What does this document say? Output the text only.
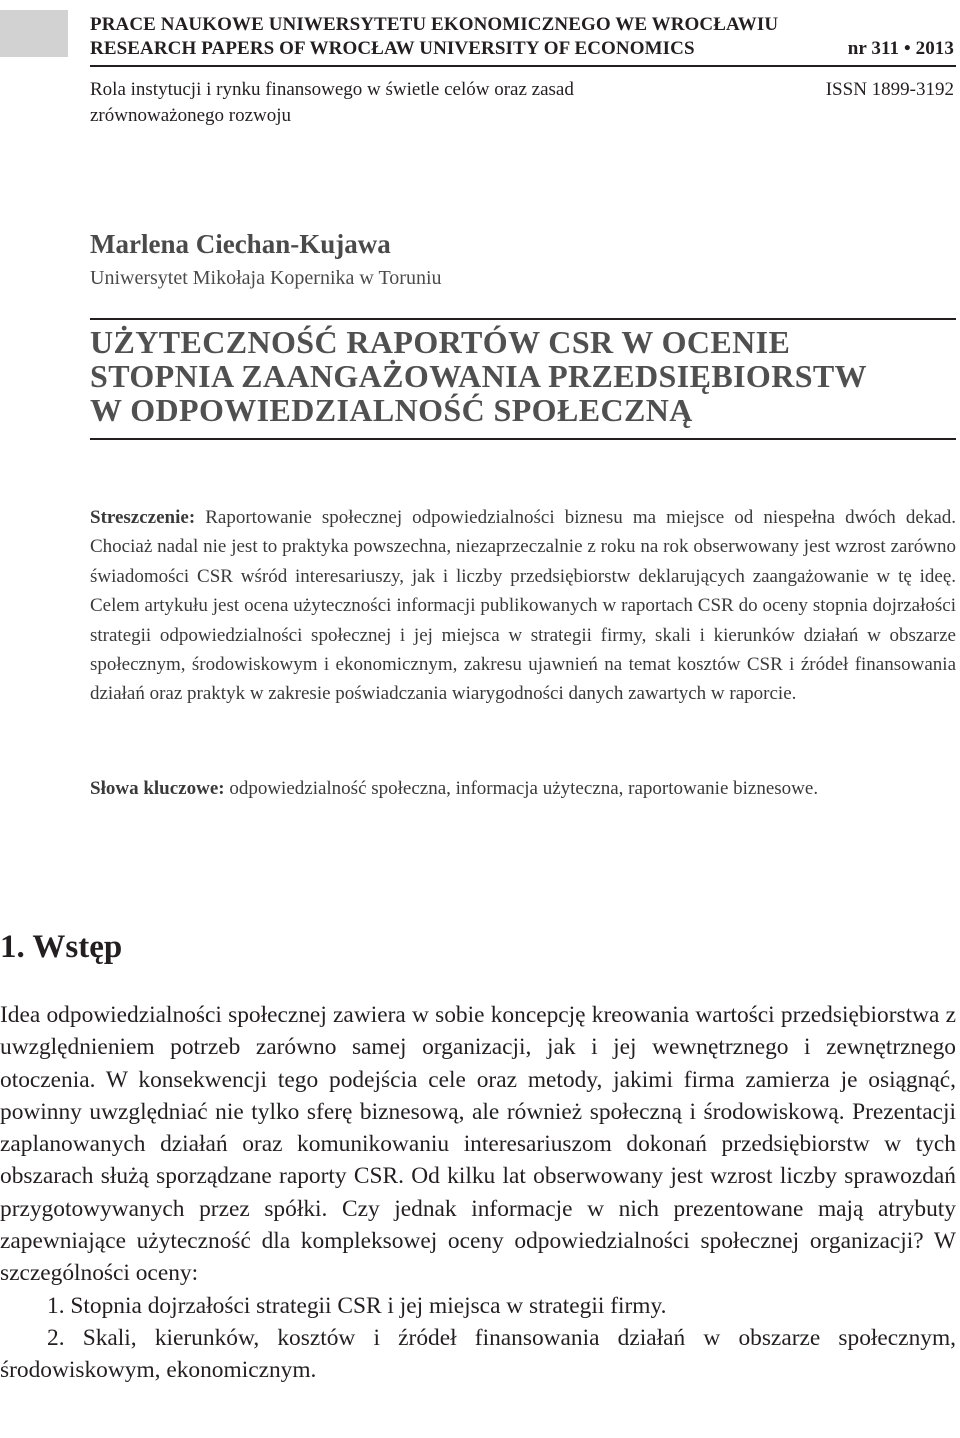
PRACE NAUKOWE UNIWERSYTETU EKONOMICZNEGO WE WROCŁAWIU
RESEARCH PAPERS OF WROCŁAW UNIVERSITY OF ECONOMICS	nr 311 • 2013
Rola instytucji i rynku finansowego w świetle celów oraz zasad zrównoważonego rozwoju
ISSN 1899-3192
Marlena Ciechan-Kujawa
Uniwersytet Mikołaja Kopernika w Toruniu
UŻYTECZNOŚĆ RAPORTÓW CSR W OCENIE
STOPNIA ZAANGAŻOWANIA PRZEDSIĘBIORSTW
W ODPOWIEDZIALNOŚĆ SPOŁECZNĄ
Streszczenie: Raportowanie społecznej odpowiedzialności biznesu ma miejsce od niespełna dwóch dekad. Chociaż nadal nie jest to praktyka powszechna, niezaprzeczalnie z roku na rok obserwowany jest wzrost zarówno świadomości CSR wśród interesariuszy, jak i liczby przedsiębiorstw deklarujących zaangażowanie w tę ideę. Celem artykułu jest ocena użyteczności informacji publikowanych w raportach CSR do oceny stopnia dojrzałości strategii odpowiedzialności społecznej i jej miejsca w strategii firmy, skali i kierunków działań w obszarze społecznym, środowiskowym i ekonomicznym, zakresu ujawnień na temat kosztów CSR i źródeł finansowania działań oraz praktyk w zakresie poświadczania wiarygodności danych zawartych w raporcie.
Słowa kluczowe: odpowiedzialność społeczna, informacja użyteczna, raportowanie biznesowe.
1. Wstęp

Idea odpowiedzialności społecznej zawiera w sobie koncepcję kreowania wartości przedsiębiorstwa z uwzględnieniem potrzeb zarówno samej organizacji, jak i jej wewnętrznego i zewnętrznego otoczenia. W konsekwencji tego podejścia cele oraz metody, jakimi firma zamierza je osiągnąć, powinny uwzględniać nie tylko sferę biznesową, ale również społeczną i środowiskową. Prezentacji zaplanowanych działań oraz komunikowaniu interesariuszom dokonań przedsiębiorstw w tych obszarach służą sporządzane raporty CSR. Od kilku lat obserwowany jest wzrost liczby sprawozdań przygotowywanych przez spółki. Czy jednak informacje w nich prezentowane mają atrybuty zapewniające użyteczność dla kompleksowej oceny odpowiedzialności społecznej organizacji? W szczególności oceny:

1. Stopnia dojrzałości strategii CSR i jej miejsca w strategii firmy.
2. Skali, kierunków, kosztów i źródeł finansowania działań w obszarze społecznym, środowiskowym, ekonomicznym.
